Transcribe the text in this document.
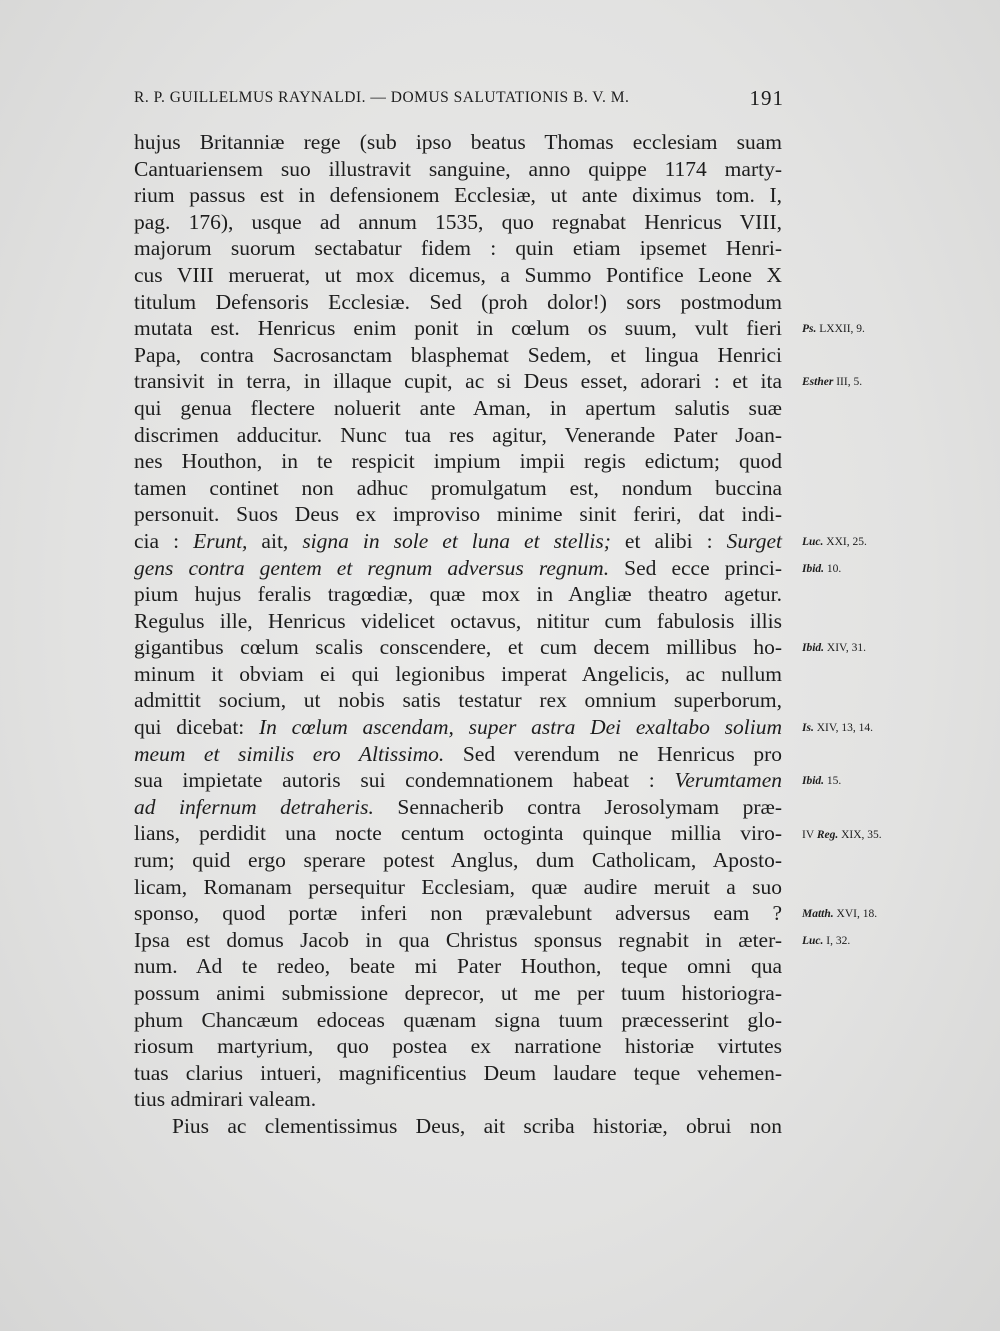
R. P. GUILLELMUS RAYNALDI. — DOMUS SALUTATIONIS B. V. M.	191
hujus Britanniæ rege (sub ipso beatus Thomas ecclesiam suam
Cantuariensem suo illustravit sanguine, anno quippe 1174 marty-
rium passus est in defensionem Ecclesiæ, ut ante diximus tom. I,
pag. 176), usque ad annum 1535, quo regnabat Henricus VIII,
majorum suorum sectabatur fidem : quin etiam ipsemet Henri-
cus VIII meruerat, ut mox dicemus, a Summo Pontifice Leone X
titulum Defensoris Ecclesiæ. Sed (proh dolor!) sors postmodum
mutata est. Henricus enim ponit in cœlum os suum, vult fieri
Papa, contra Sacrosanctam blasphemat Sedem, et lingua Henrici
transivit in terra, in illaque cupit, ac si Deus esset, adorari : et ita
qui genua flectere noluerit ante Aman, in apertum salutis suæ
discrimen adducitur. Nunc tua res agitur, Venerande Pater Joan-
nes Houthon, in te respicit impium impii regis edictum; quod
tamen continet non adhuc promulgatum est, nondum buccina
personuit. Suos Deus ex improviso minime sinit feriri, dat indi-
cia : Erunt, ait, signa in sole et luna et stellis; et alibi : Surget
gens contra gentem et regnum adversus regnum. Sed ecce princi-
pium hujus feralis tragœdiæ, quæ mox in Angliæ theatro agetur.
Regulus ille, Henricus videlicet octavus, nititur cum fabulosis illis
gigantibus cœlum scalis conscendere, et cum decem millibus ho-
minum it obviam ei qui legionibus imperat Angelicis, ac nullum
admittit socium, ut nobis satis testatur rex omnium superborum,
qui dicebat: In cœlum ascendam, super astra Dei exaltabo solium
meum et similis ero Altissimo. Sed verendum ne Henricus pro
sua impietate autoris sui condemnationem habeat : Verumtamen
ad infernum detraheris. Sennacherib contra Jerosolymam præ-
lians, perdidit una nocte centum octoginta quinque millia viro-
rum; quid ergo sperare potest Anglus, dum Catholicam, Aposto-
licam, Romanam persequitur Ecclesiam, quæ audire meruit a suo
sponso, quod portæ inferi non prævalebunt adversus eam ?
Ipsa est domus Jacob in qua Christus sponsus regnabit in æter-
num. Ad te redeo, beate mi Pater Houthon, teque omni qua
possum animi submissione deprecor, ut me per tuum historiogra-
phum Chancæum edoceas quænam signa tuum præcesserint glo-
riosum martyrium, quo postea ex narratione historiæ virtutes
tuas clarius intueri, magnificentius Deum laudare teque vehemen-
tius admirari valeam.
Pius ac clementissimus Deus, ait scriba historiæ, obrui non
Ps. LXXII, 9.
Esther III, 5.
Luc. XXI, 25.
Ibid. 10.
Ibid. XIV, 31.
Is. XIV, 13, 14.
Ibid. 15.
IV Reg. XIX, 35.
Matth. XVI, 18.
Luc. I, 32.
